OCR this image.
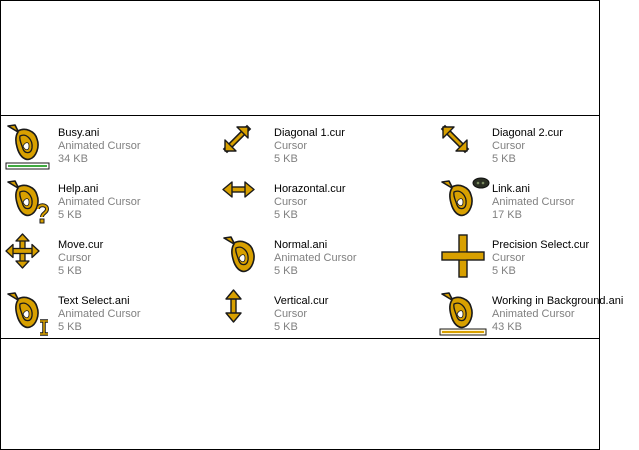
Busy.ani
Animated Cursor
34 KB
Diagonal 1.cur
Cursor
5 KB
Diagonal 2.cur
Cursor
5 KB
Help.ani
Animated Cursor
5 KB
Horazontal.cur
Cursor
5 KB
Link.ani
Animated Cursor
17 KB
Move.cur
Cursor
5 KB
Normal.ani
Animated Cursor
5 KB
Precision Select.cur
Cursor
5 KB
Text Select.ani
Animated Cursor
5 KB
Vertical.cur
Cursor
5 KB
Working in Background.ani
Animated Cursor
43 KB
